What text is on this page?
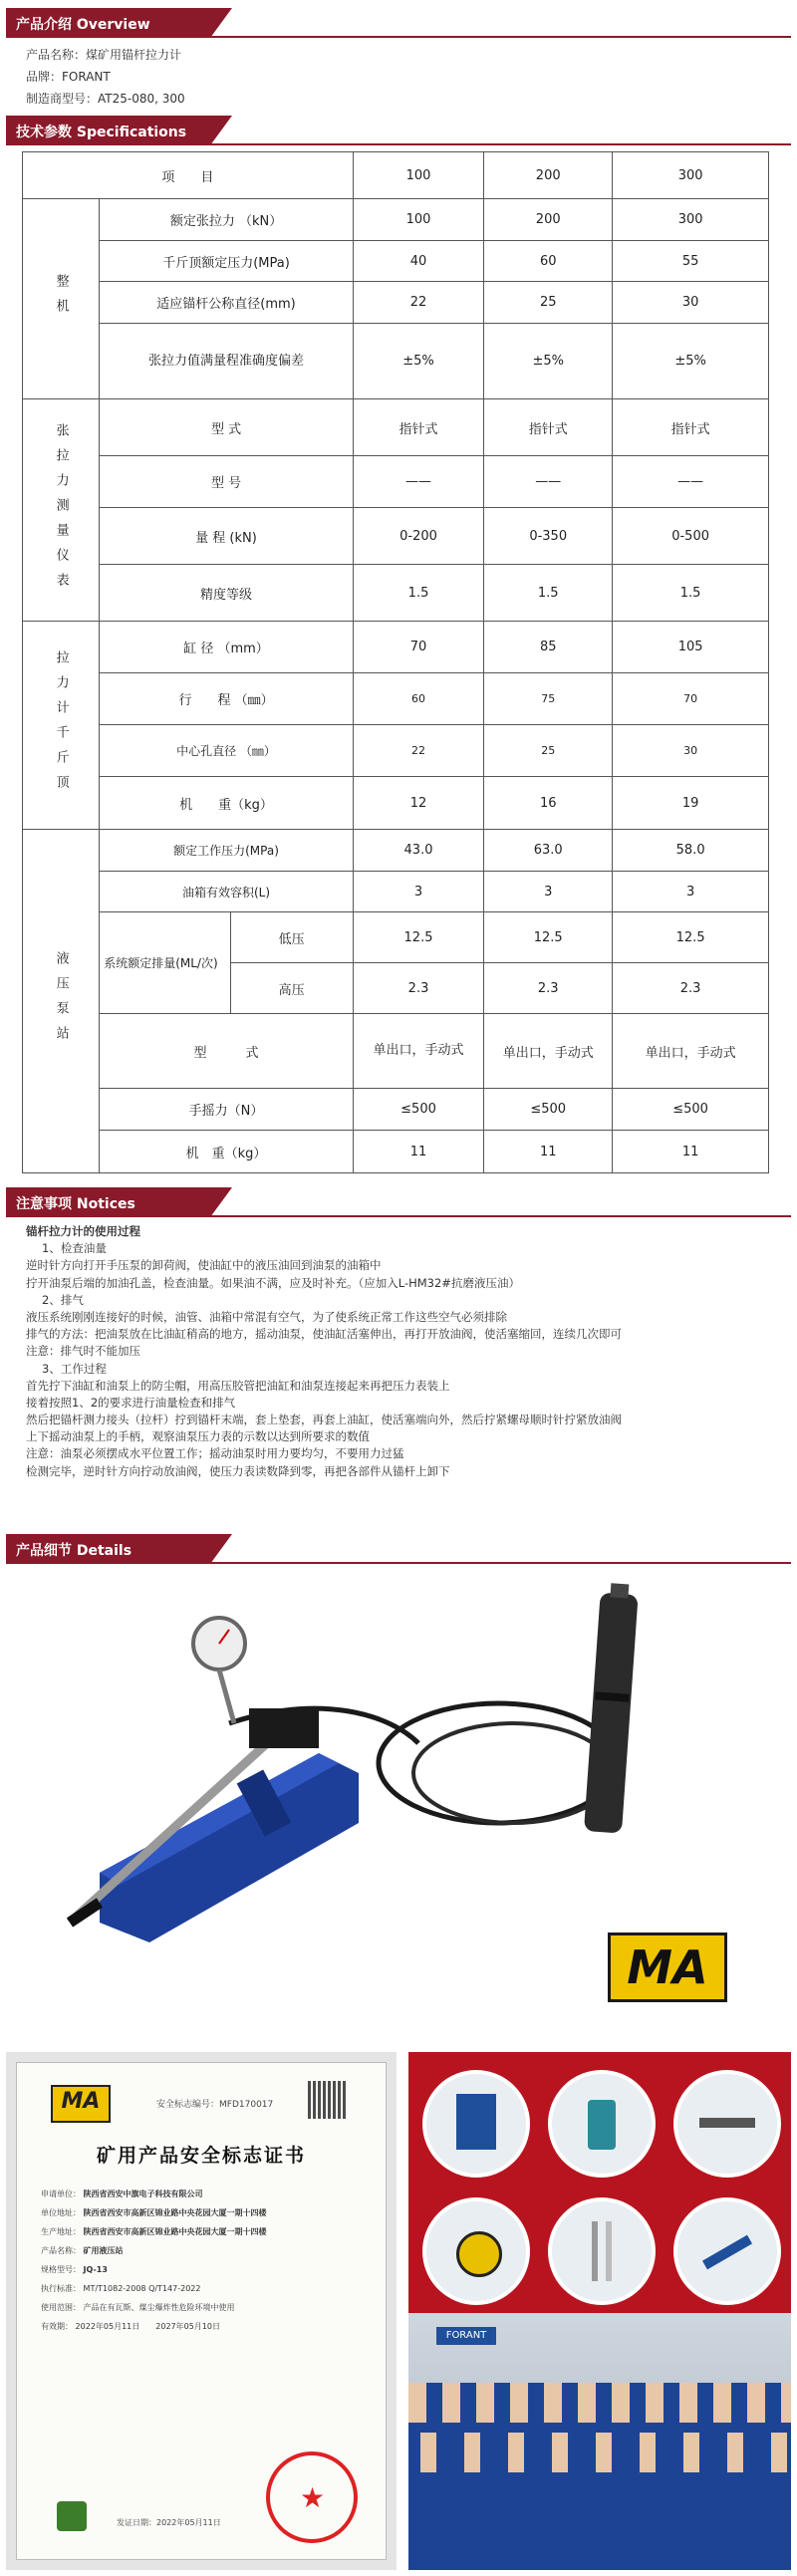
产品介绍 Overview
产品名称：煤矿用锚杆拉力计
品牌：FORANT
制造商型号：AT25-080, 300
技术参数 Specifications
项　　目			100	200	300
整机	额定张拉力 （kN）		100	200	300
	千斤顶额定压力(MPa)		40	60	55
	适应锚杆公称直径(mm)		22	25	30
	张拉力值满量程准确度偏差		±5%	±5%	±5%
张拉力测量仪表	型 式		指针式	指针式	指针式
	型 号		——	——	——
	量 程 (kN)		0-200	0-350	0-500
	精度等级		1.5	1.5	1.5
拉力计千斤顶	缸 径 （mm）		70	85	105
	行　　程 （㎜）		60	75	70
	中心孔直径 （㎜）		22	25	30
	机　　重（kg）		12	16	19
液压泵站	额定工作压力(MPa)		43.0	63.0	58.0
	油箱有效容积(L)		3	3	3
	系统额定排量(ML/次)	低压	12.5	12.5	12.5
		高压	2.3	2.3	2.3
	型　　　式		单出口，手动式	单出口，手动式	单出口，手动式
	手摇力（N）		≤500	≤500	≤500
	机　重（kg）		11	11	11
注意事项 Notices
锚杆拉力计的使用过程
1、检查油量
逆时针方向打开手压泵的卸荷阀，使油缸中的液压油回到油泵的油箱中
拧开油泵后端的加油孔盖，检查油量。如果油不满，应及时补充。（应加入L-HM32#抗磨液压油）
2、排气
液压系统刚刚连接好的时候，油管、油箱中常混有空气，为了使系统正常工作这些空气必须排除
排气的方法：把油泵放在比油缸稍高的地方，摇动油泵，使油缸活塞伸出，再打开放油阀，使活塞缩回，连续几次即可
注意：排气时不能加压
3、工作过程
首先拧下油缸和油泵上的防尘帽，用高压胶管把油缸和油泵连接起来再把压力表装上
接着按照1、2的要求进行油量检查和排气
然后把锚杆测力接头（拉杆）拧到锚杆末端，套上垫套，再套上油缸，使活塞端向外，然后拧紧螺母顺时针拧紧放油阀
上下摇动油泵上的手柄，观察油泵压力表的示数以达到所要求的数值
注意：油泵必须摆成水平位置工作；摇动油泵时用力要均匀，不要用力过猛
检测完毕，逆时针方向拧动放油阀，使压力表读数降到零，再把各部件从锚杆上卸下
产品细节 Details
MA
MA	安全标志编号：MFD170017
矿用产品安全标志证书
申请单位： 陕西省西安中旗电子科技有限公司
单位地址： 陕西省西安市高新区锦业路中央花园大厦一期十四楼
生产地址： 陕西省西安市高新区锦业路中央花园大厦一期十四楼
产品名称： 矿用液压站
规格型号： JQ-13
执行标准： MT/T1082-2008 Q/T147-2022
使用范围： 产品在有瓦斯、煤尘爆炸性危险环境中使用
有效期： 2022年05月11日　　2027年05月10日
发证日期：2022年05月11日
★
FORANT
